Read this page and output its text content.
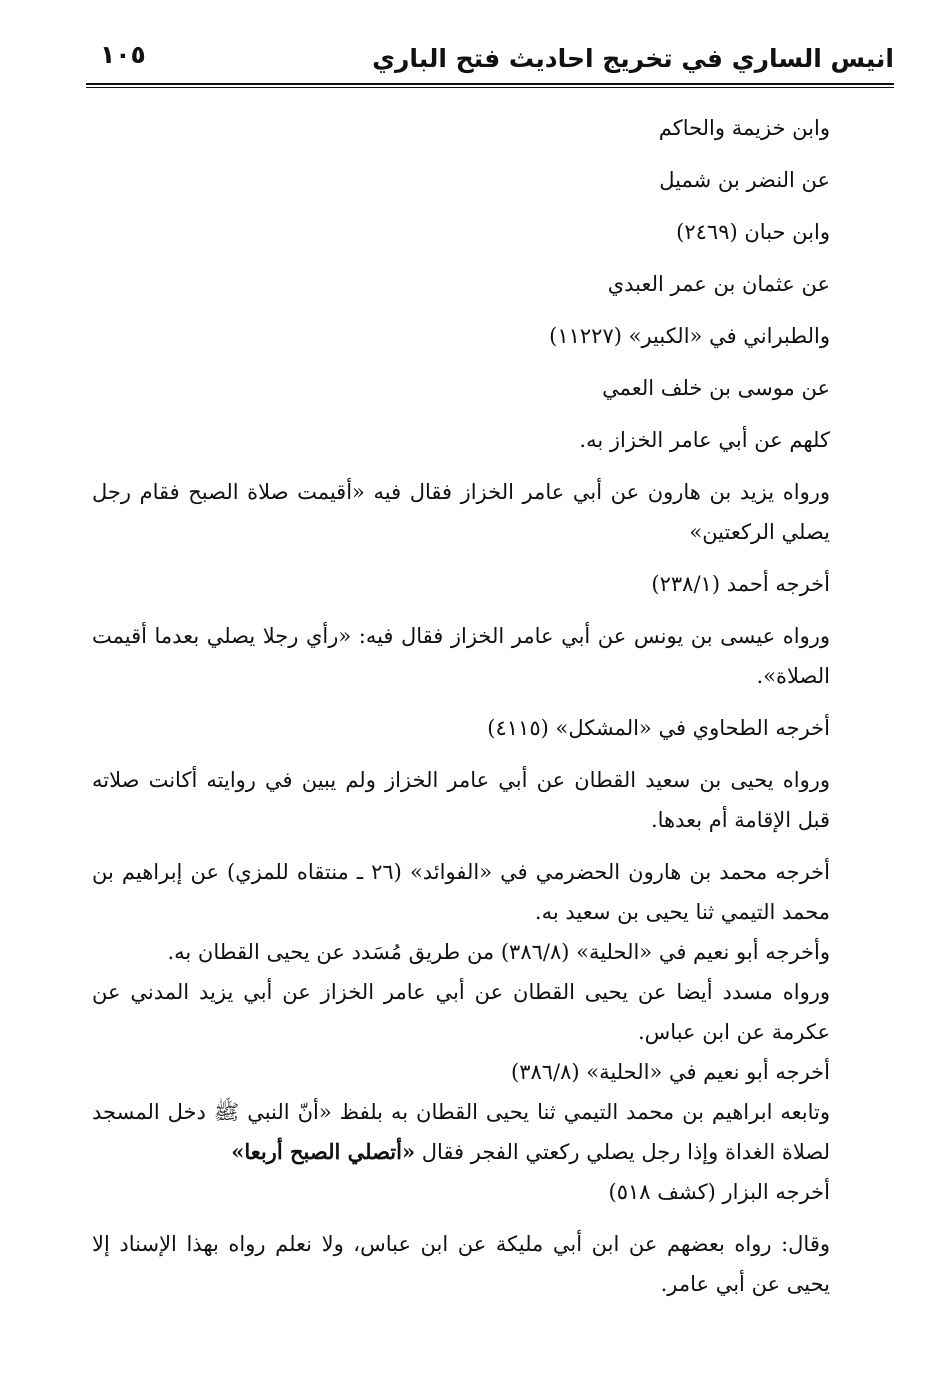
انيس الساري في تخريج احاديث فتح الباري
١٠٥
وابن خزيمة والحاكم
عن النضر بن شميل
وابن حبان (٢٤٦٩)
عن عثمان بن عمر العبدي
والطبراني في «الكبير» (١١٢٢٧)
عن موسى بن خلف العمي
كلهم عن أبي عامر الخزاز به.
ورواه يزيد بن هارون عن أبي عامر الخزاز فقال فيه «أقيمت صلاة الصبح فقام رجل يصلي الركعتين»
أخرجه أحمد (٢٣٨/١)
ورواه عيسى بن يونس عن أبي عامر الخزاز فقال فيه: «رأي رجلا يصلي بعدما أقيمت الصلاة».
أخرجه الطحاوي في «المشكل» (٤١١٥)
ورواه يحيى بن سعيد القطان عن أبي عامر الخزاز ولم يبين في روايته أكانت صلاته قبل الإقامة أم بعدها.
أخرجه محمد بن هارون الحضرمي في «الفوائد» (٢٦ ـ منتقاه للمزي) عن إبراهيم بن محمد التيمي ثنا يحيى بن سعيد به.
وأخرجه أبو نعيم في «الحلية» (٣٨٦/٨) من طريق مُسَدد عن يحيى القطان به.
ورواه مسدد أيضا عن يحيى القطان عن أبي عامر الخزاز عن أبي يزيد المدني عن عكرمة عن ابن عباس.
أخرجه أبو نعيم في «الحلية» (٣٨٦/٨)
وتابعه ابراهيم بن محمد التيمي ثنا يحيى القطان به بلفظ «أنّ النبي ﷺ دخل المسجد لصلاة الغداة وإذا رجل يصلي ركعتي الفجر فقال «أتصلي الصبح أربعا»
أخرجه البزار (كشف ٥١٨)
وقال: رواه بعضهم عن ابن أبي مليكة عن ابن عباس، ولا نعلم رواه بهذا الإسناد إلا يحيى عن أبي عامر.
